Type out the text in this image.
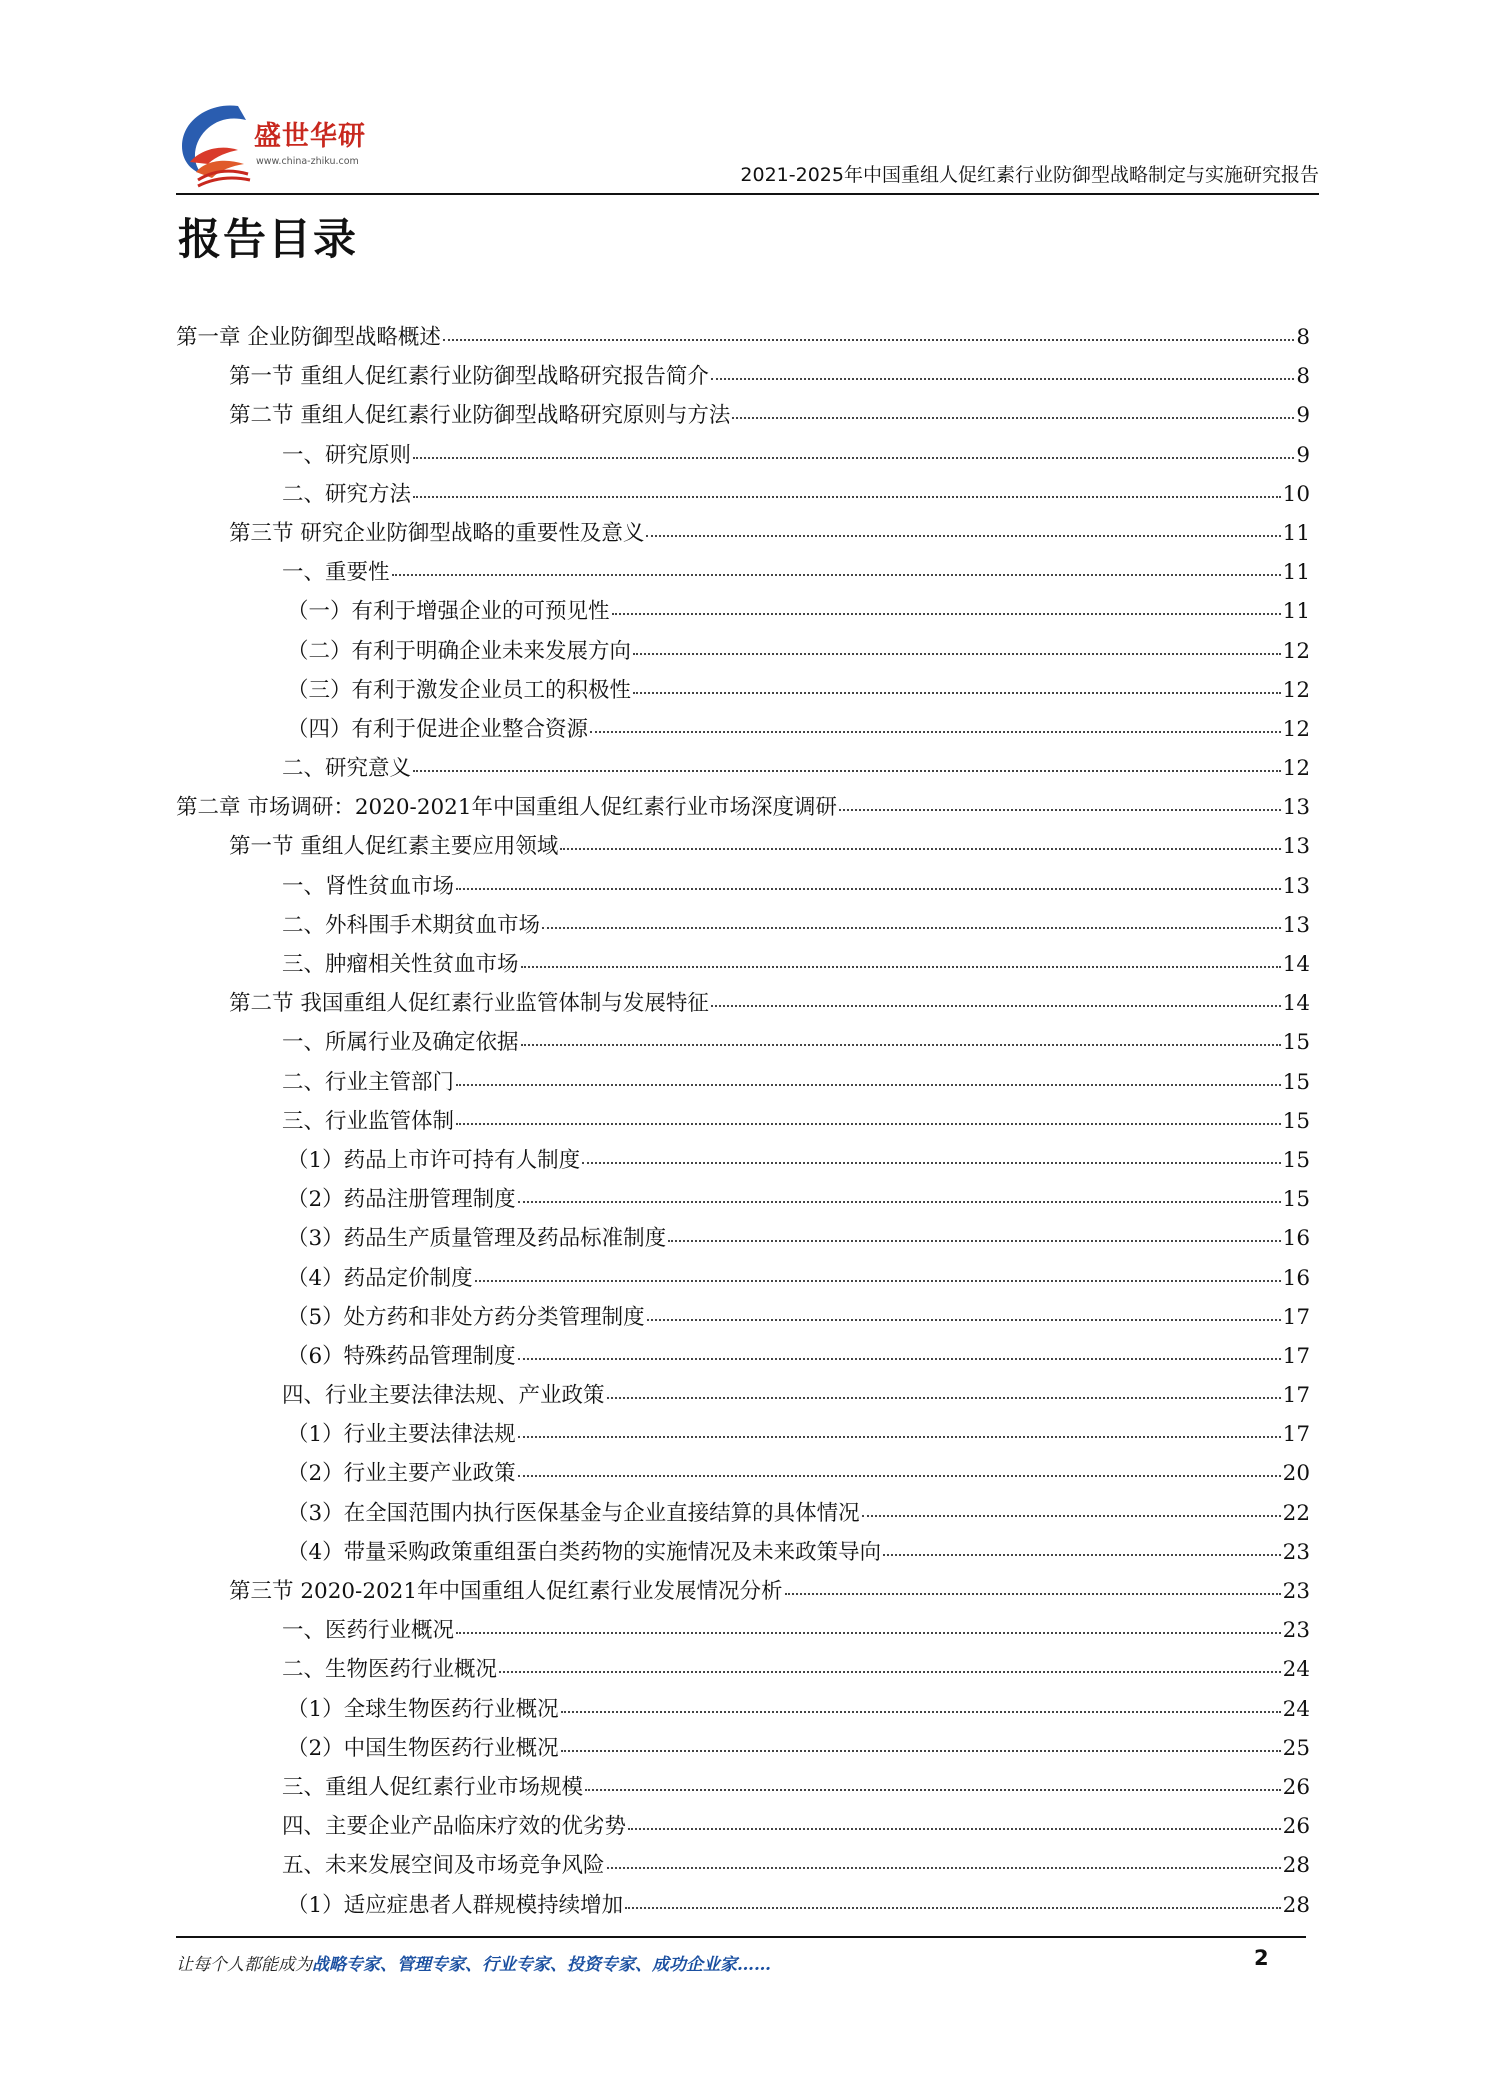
盛世华研
www.china-zhiku.com
2021-2025年中国重组人促红素行业防御型战略制定与实施研究报告
报告目录
第一章 企业防御型战略概述	8
第一节 重组人促红素行业防御型战略研究报告简介	8
第二节 重组人促红素行业防御型战略研究原则与方法	9
一、研究原则	9
二、研究方法	10
第三节 研究企业防御型战略的重要性及意义	11
一、重要性	11
（一）有利于增强企业的可预见性	11
（二）有利于明确企业未来发展方向	12
（三）有利于激发企业员工的积极性	12
（四）有利于促进企业整合资源	12
二、研究意义	12
第二章 市场调研：2020-2021年中国重组人促红素行业市场深度调研	13
第一节 重组人促红素主要应用领域	13
一、肾性贫血市场	13
二、外科围手术期贫血市场	13
三、肿瘤相关性贫血市场	14
第二节 我国重组人促红素行业监管体制与发展特征	14
一、所属行业及确定依据	15
二、行业主管部门	15
三、行业监管体制	15
（1）药品上市许可持有人制度	15
（2）药品注册管理制度	15
（3）药品生产质量管理及药品标准制度	16
（4）药品定价制度	16
（5）处方药和非处方药分类管理制度	17
（6）特殊药品管理制度	17
四、行业主要法律法规、产业政策	17
（1）行业主要法律法规	17
（2）行业主要产业政策	20
（3）在全国范围内执行医保基金与企业直接结算的具体情况	22
（4）带量采购政策重组蛋白类药物的实施情况及未来政策导向	23
第三节 2020-2021年中国重组人促红素行业发展情况分析	23
一、医药行业概况	23
二、生物医药行业概况	24
（1）全球生物医药行业概况	24
（2）中国生物医药行业概况	25
三、重组人促红素行业市场规模	26
四、主要企业产品临床疗效的优劣势	26
五、未来发展空间及市场竞争风险	28
（1）适应症患者人群规模持续增加	28
让每个人都能成为战略专家、管理专家、行业专家、投资专家、成功企业家……	2
